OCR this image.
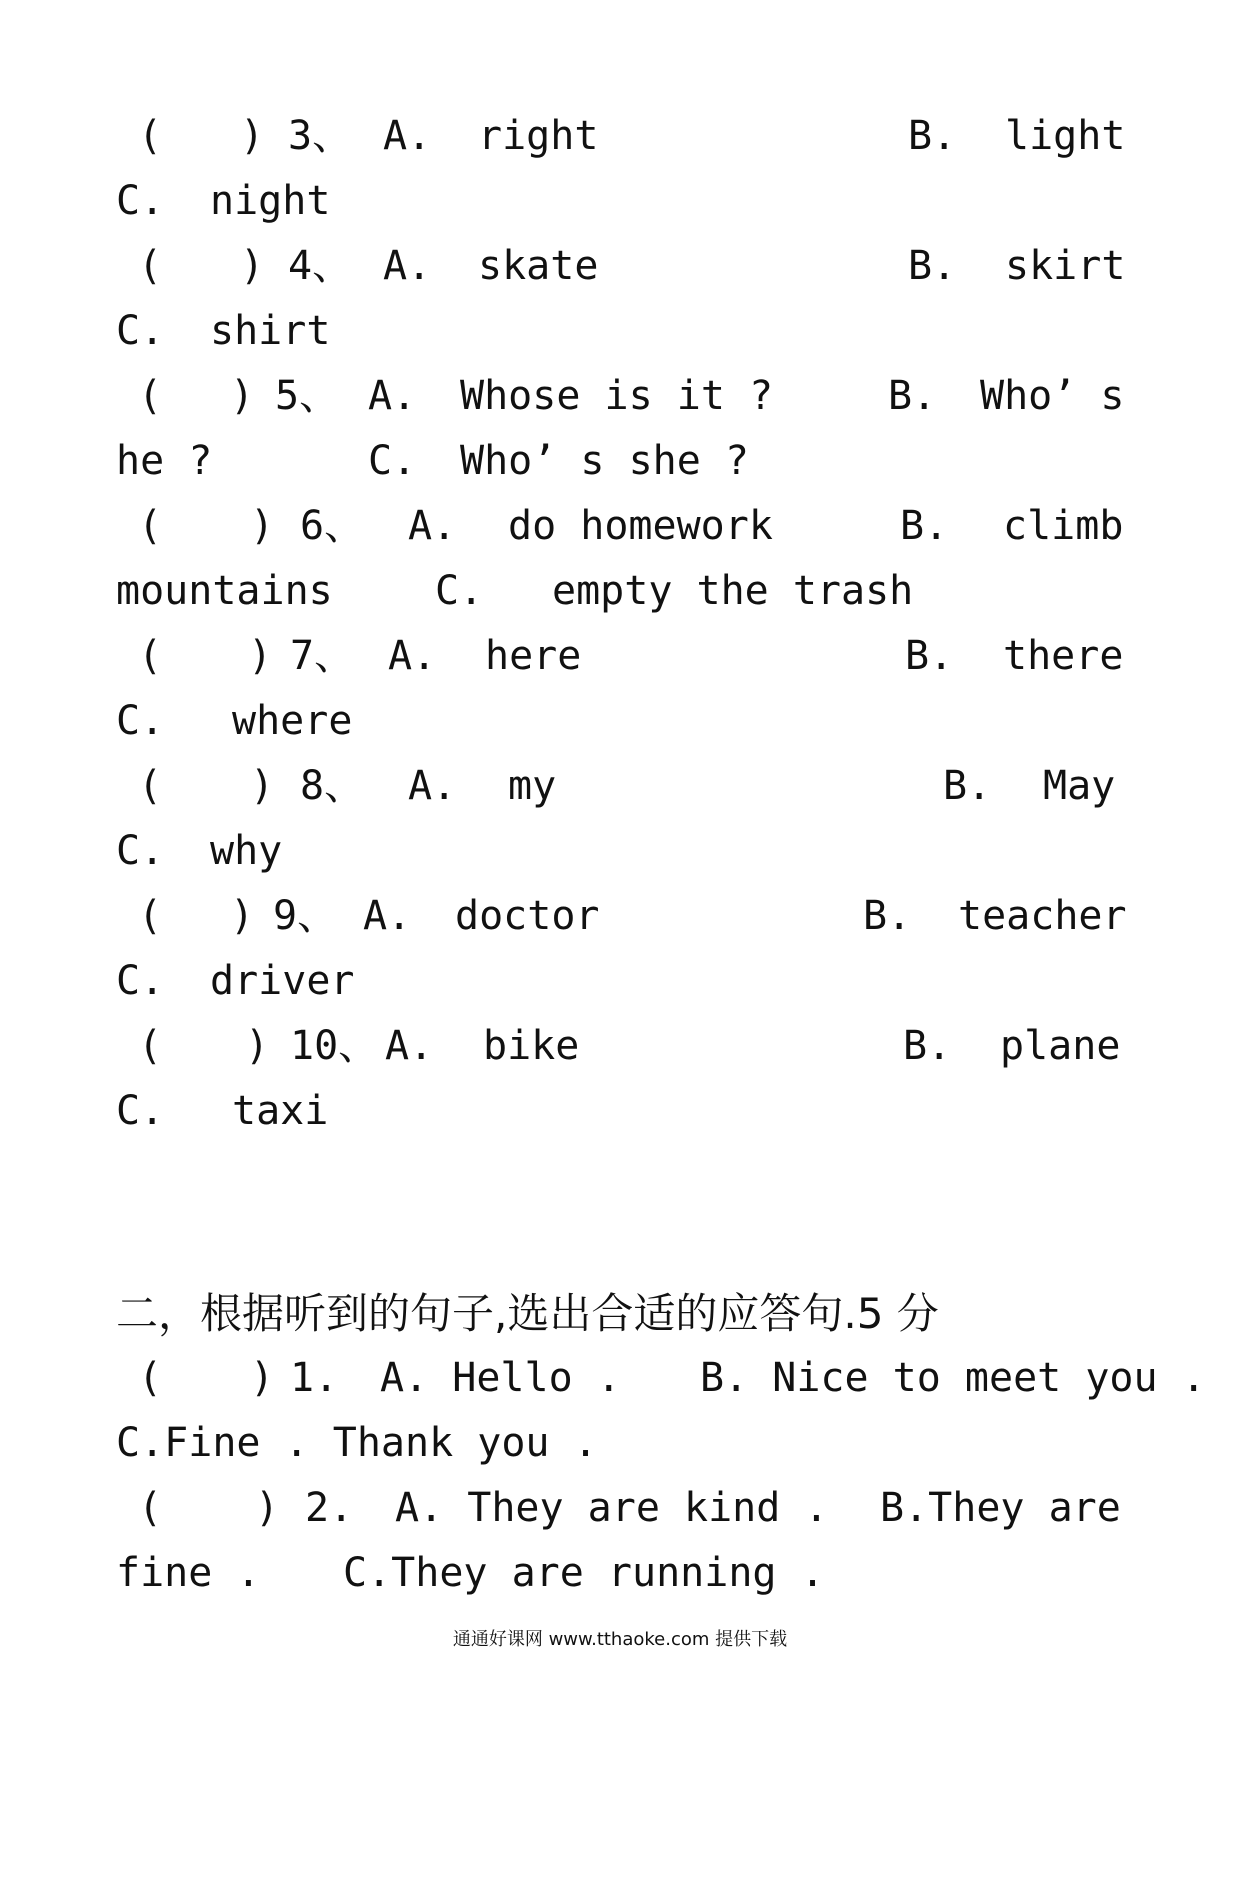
(

)

3、

A.

right

	B.

light

C.

night

(

)

4、

A.

skate

	B.

skirt

C.

shirt

(

)

5、

A.

Whose is it ?

	B.

Who’ s

he ?

	C.

Who’ s she ?

(

)

6、

A.

do homework

	B.

climb

mountains

	C.

empty the trash

(

)

7、

A.

here

	B.

there

C.

where

(

)

8、

A.

my

	B.

May

C.

why

(

)

9、

A.

doctor

	B.

teacher

C.

driver

(

)

10、

A.

bike

	B.

plane

C.

taxi

二，根据听到的句子,选出合适的应答句.5 分

(

)

1.

A. Hello .

B. Nice to meet you .

C.Fine . Thank you .

(

)

2.

A. They are kind .

B.They are

fine .

C.They are running .

通通好课网 www.tthaoke.com 提供下载
